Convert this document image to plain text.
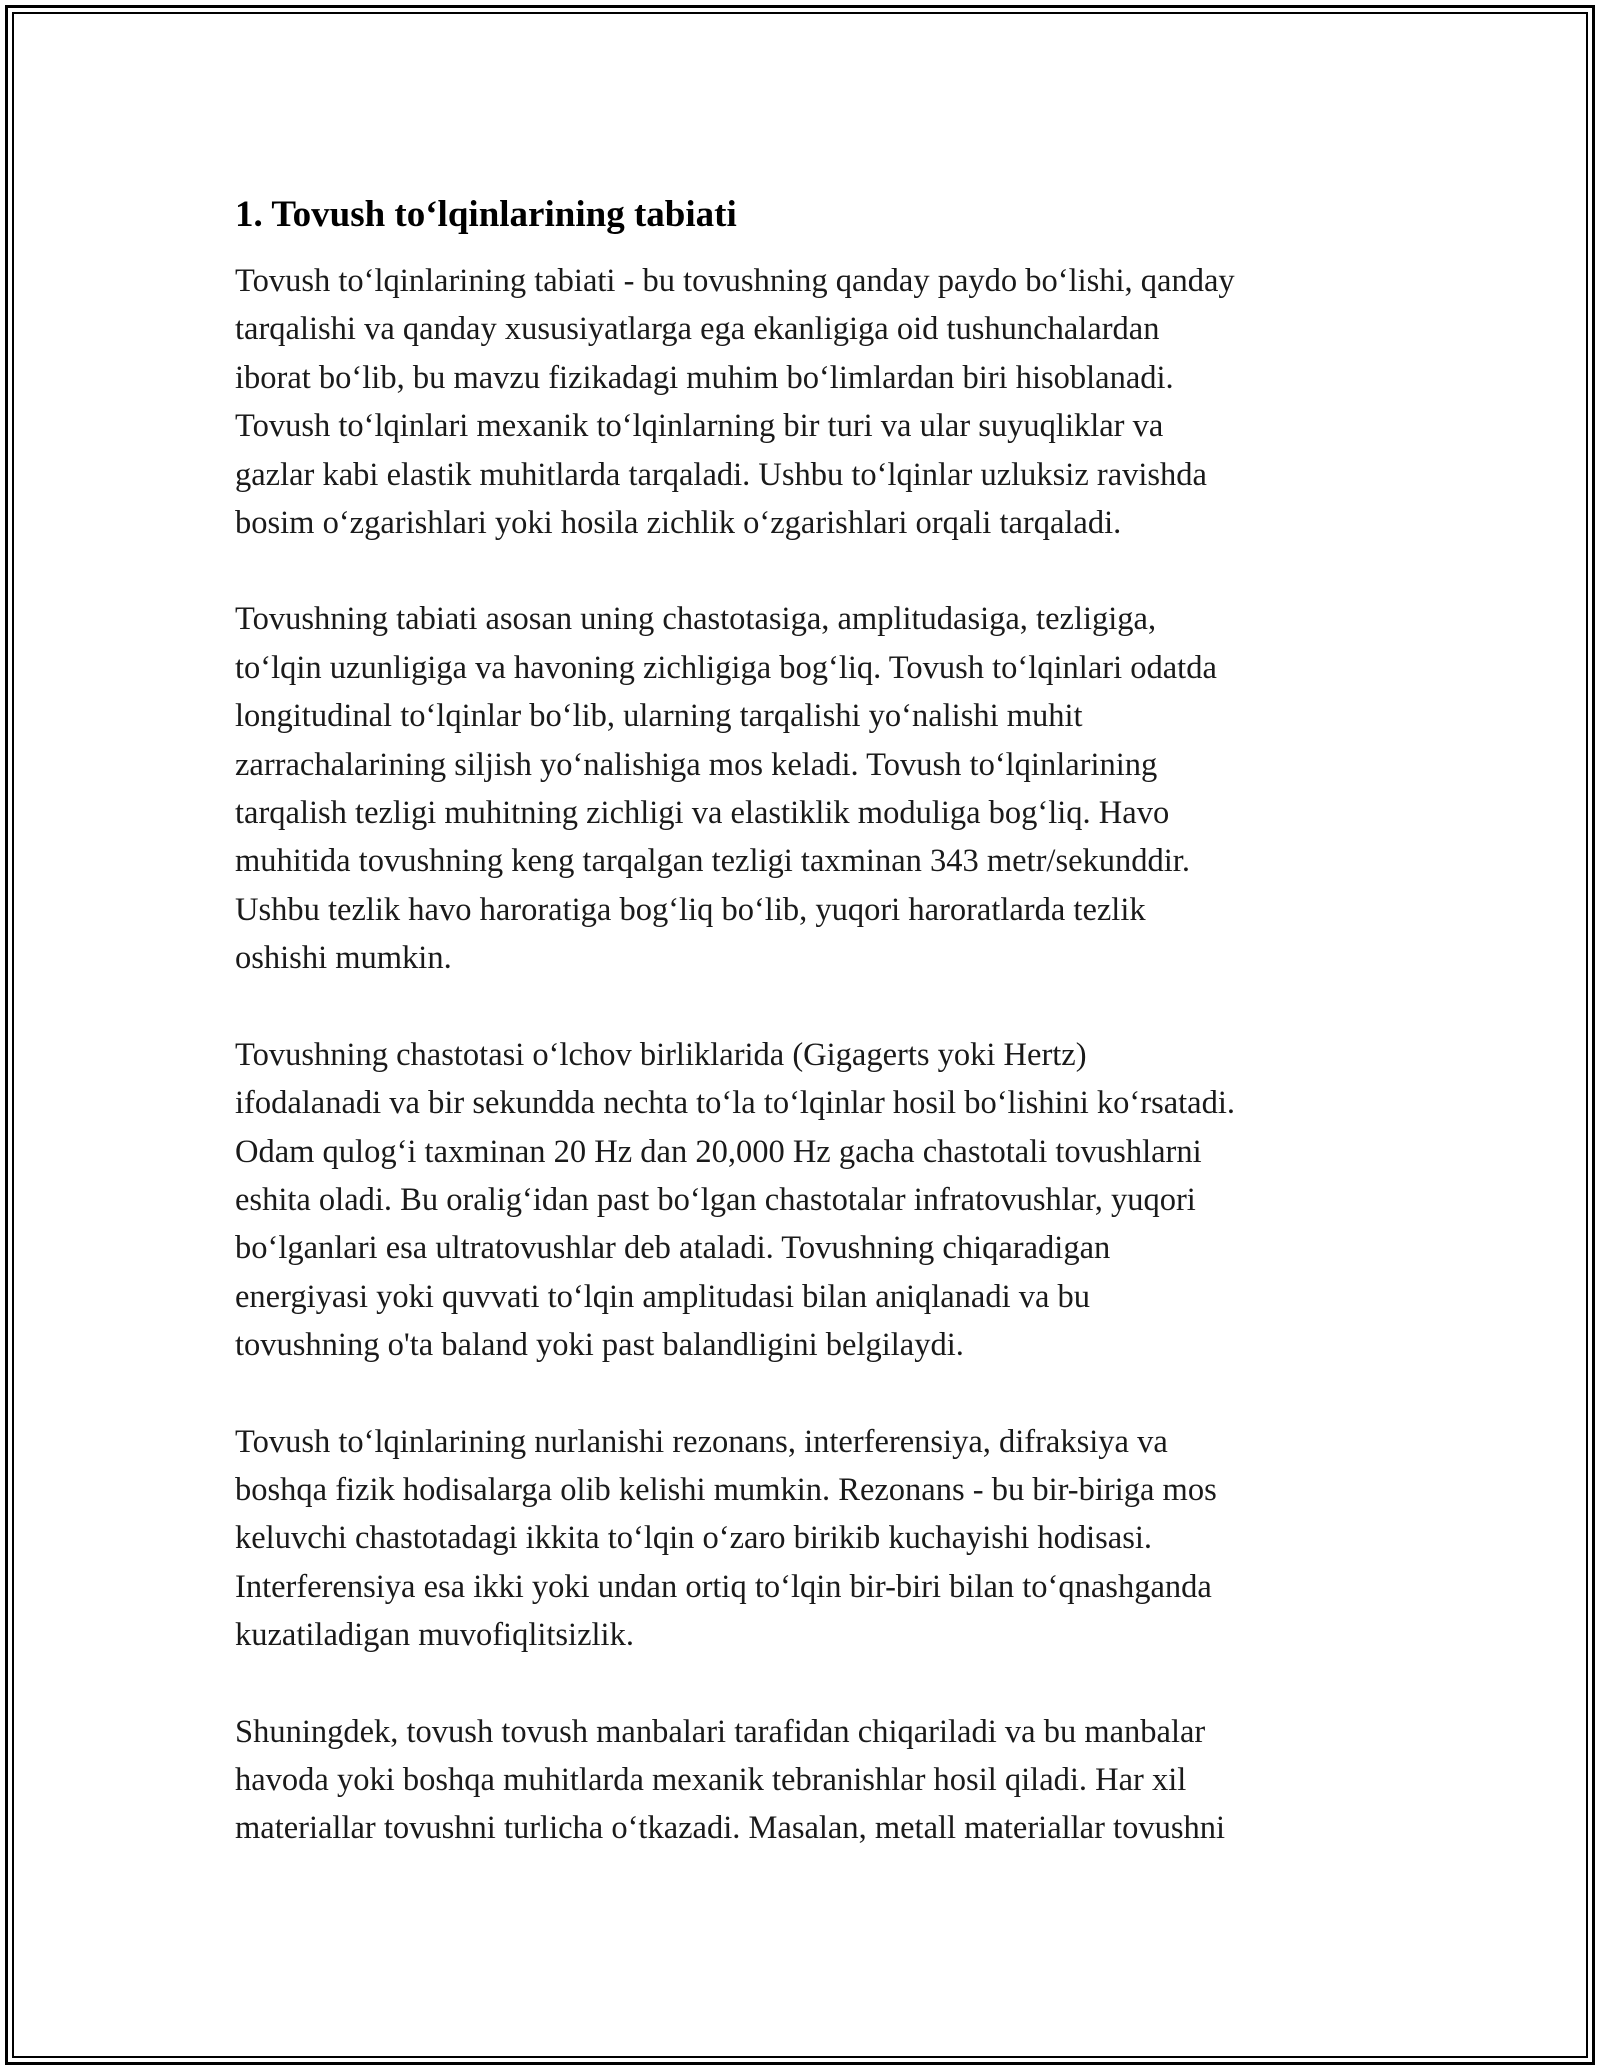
1. Tovush to‘lqinlarining tabiati
Tovush to‘lqinlarining tabiati - bu tovushning qanday paydo bo‘lishi, qanday
tarqalishi va qanday xususiyatlarga ega ekanligiga oid tushunchalardan
iborat bo‘lib, bu mavzu fizikadagi muhim bo‘limlardan biri hisoblanadi.
Tovush to‘lqinlari mexanik to‘lqinlarning bir turi va ular suyuqliklar va
gazlar kabi elastik muhitlarda tarqaladi. Ushbu to‘lqinlar uzluksiz ravishda
bosim o‘zgarishlari yoki hosila zichlik o‘zgarishlari orqali tarqaladi.
Tovushning tabiati asosan uning chastotasiga, amplitudasiga, tezligiga,
to‘lqin uzunligiga va havoning zichligiga bog‘liq. Tovush to‘lqinlari odatda
longitudinal to‘lqinlar bo‘lib, ularning tarqalishi yo‘nalishi muhit
zarrachalarining siljish yo‘nalishiga mos keladi. Tovush to‘lqinlarining
tarqalish tezligi muhitning zichligi va elastiklik moduliga bog‘liq. Havo
muhitida tovushning keng tarqalgan tezligi taxminan 343 metr/sekunddir.
Ushbu tezlik havo haroratiga bog‘liq bo‘lib, yuqori haroratlarda tezlik
oshishi mumkin.
Tovushning chastotasi o‘lchov birliklarida (Gigagerts yoki Hertz)
ifodalanadi va bir sekundda nechta to‘la to‘lqinlar hosil bo‘lishini ko‘rsatadi.
Odam qulog‘i taxminan 20 Hz dan 20,000 Hz gacha chastotali tovushlarni
eshita oladi. Bu oralig‘idan past bo‘lgan chastotalar infratovushlar, yuqori
bo‘lganlari esa ultratovushlar deb ataladi. Tovushning chiqaradigan
energiyasi yoki quvvati to‘lqin amplitudasi bilan aniqlanadi va bu
tovushning o'ta baland yoki past balandligini belgilaydi.
Tovush to‘lqinlarining nurlanishi rezonans, interferensiya, difraksiya va
boshqa fizik hodisalarga olib kelishi mumkin. Rezonans - bu bir-biriga mos
keluvchi chastotadagi ikkita to‘lqin o‘zaro birikib kuchayishi hodisasi.
Interferensiya esa ikki yoki undan ortiq to‘lqin bir-biri bilan to‘qnashganda
kuzatiladigan muvofiqlitsizlik.
Shuningdek, tovush tovush manbalari tarafidan chiqariladi va bu manbalar
havoda yoki boshqa muhitlarda mexanik tebranishlar hosil qiladi. Har xil
materiallar tovushni turlicha o‘tkazadi. Masalan, metall materiallar tovushni
